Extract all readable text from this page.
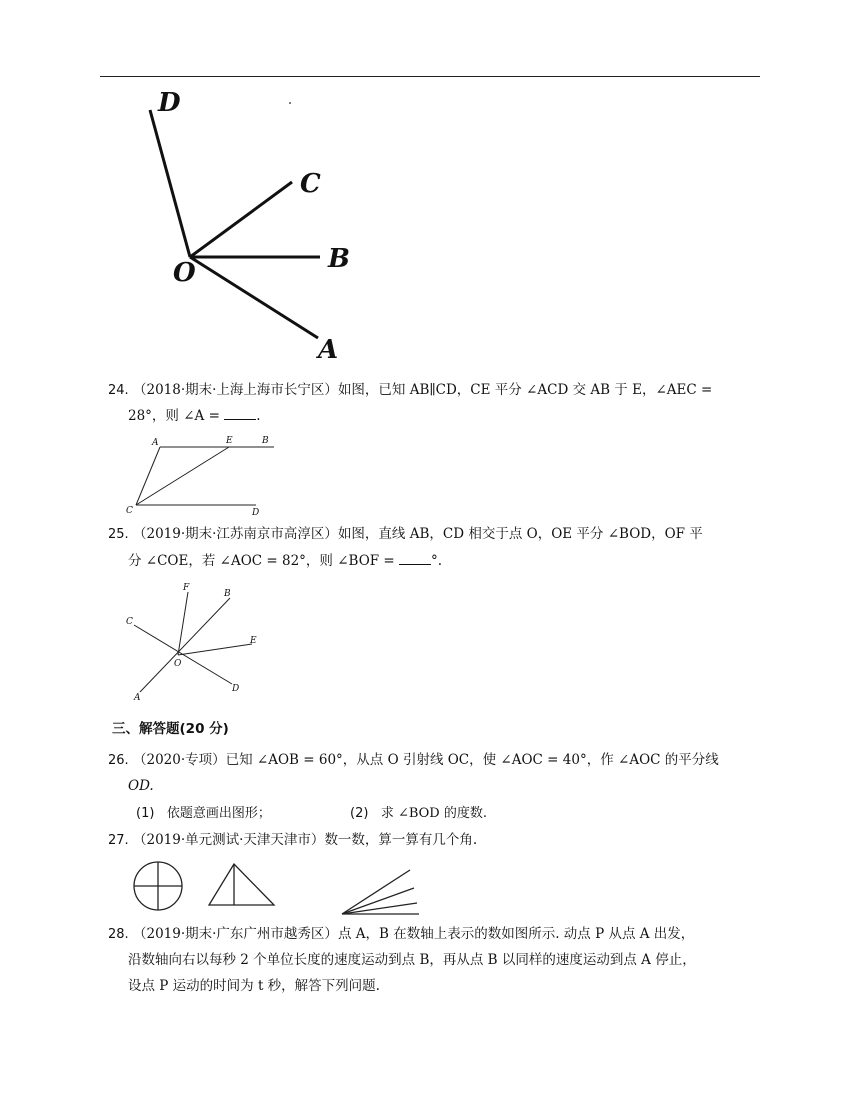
D
C
O	B
A
24. （2018·期末·上海上海市长宁区）如图，已知 AB∥CD，CE 平分 ∠ACD 交 AB 于 E，∠AEC =
28°，则 ∠A = .
A	E	B
C	D
25. （2019·期末·江苏南京市高淳区）如图，直线 AB，CD 相交于点 O，OE 平分 ∠BOD，OF 平
分 ∠COE，若 ∠AOC = 82°，则 ∠BOF = °.
F
B
C
E
O
A
D
三、解答题(20 分)
26. （2020·专项）已知 ∠AOB = 60°，从点 O 引射线 OC，使 ∠AOC = 40°，作 ∠AOC 的平分线
OD.
(1) 依题意画出图形；	(2) 求 ∠BOD 的度数.
27. （2019·单元测试·天津天津市）数一数，算一算有几个角.
28. （2019·期末·广东广州市越秀区）点 A，B 在数轴上表示的数如图所示. 动点 P 从点 A 出发，
沿数轴向右以每秒 2 个单位长度的速度运动到点 B，再从点 B 以同样的速度运动到点 A 停止，
设点 P 运动的时间为 t 秒，解答下列问题.
